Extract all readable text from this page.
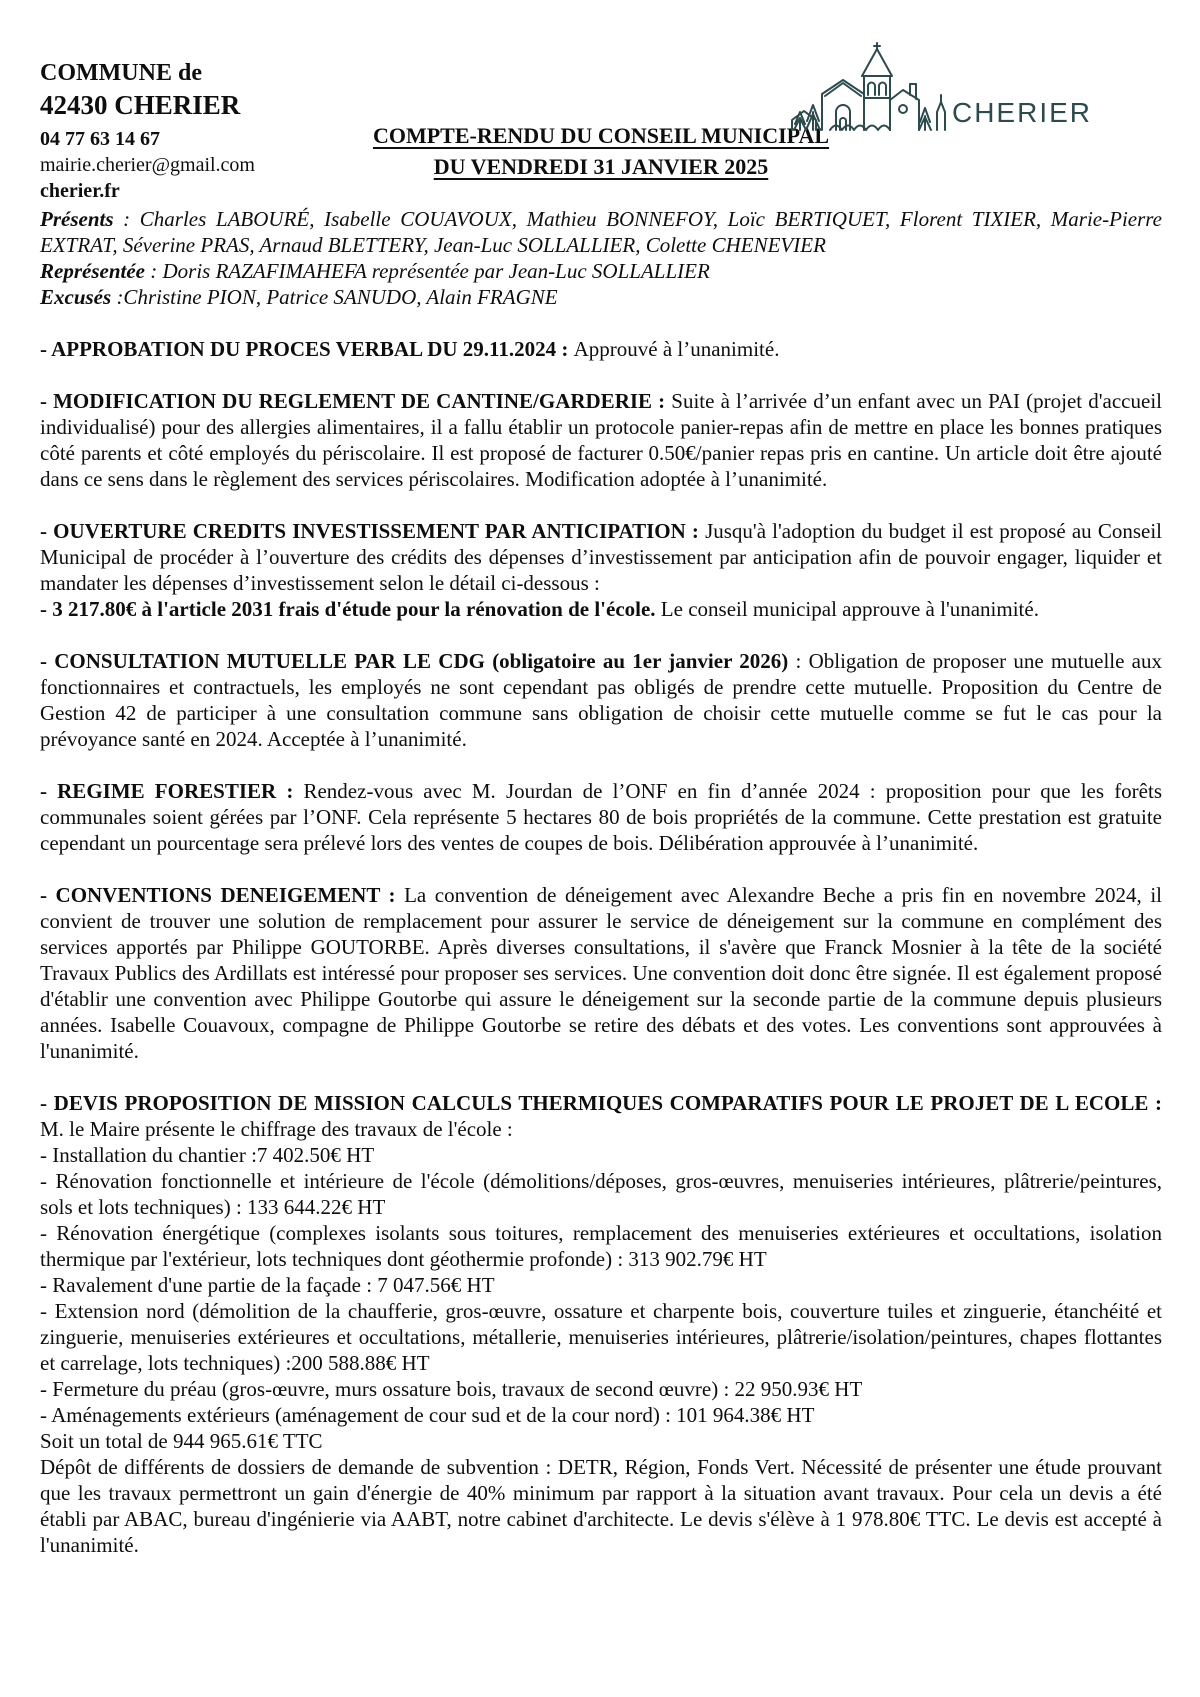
COMMUNE de
42430 CHERIER
04 77 63 14 67
mairie.cherier@gmail.com
cherier.fr
COMPTE-RENDU DU CONSEIL MUNICIPAL
DU VENDREDI 31 JANVIER 2025
CHERIER
Présents : Charles LABOURÉ, Isabelle COUAVOUX, Mathieu BONNEFOY, Loïc BERTIQUET, Florent TIXIER, Marie-Pierre EXTRAT, Séverine PRAS, Arnaud BLETTERY, Jean-Luc SOLLALLIER, Colette CHENEVIER
Représentée : Doris RAZAFIMAHEFA représentée par Jean-Luc SOLLALLIER
Excusés :Christine PION, Patrice SANUDO, Alain FRAGNE

- APPROBATION DU PROCES VERBAL DU 29.11.2024 : Approuvé à l’unanimité.

- MODIFICATION DU REGLEMENT DE CANTINE/GARDERIE : Suite à l’arrivée d’un enfant avec un PAI (projet d'accueil individualisé) pour des allergies alimentaires, il a fallu établir un protocole panier-repas afin de mettre en place les bonnes pratiques côté parents et côté employés du périscolaire. Il est proposé de facturer 0.50€/panier repas pris en cantine. Un article doit être ajouté dans ce sens dans le règlement des services périscolaires. Modification adoptée à l’unanimité.

- OUVERTURE CREDITS INVESTISSEMENT PAR ANTICIPATION : Jusqu'à l'adoption du budget il est proposé au Conseil Municipal de procéder à l’ouverture des crédits des dépenses d’investissement par anticipation afin de pouvoir engager, liquider et mandater les dépenses d’investissement selon le détail ci-dessous :
- 3 217.80€ à l'article 2031 frais d'étude pour la rénovation de l'école. Le conseil municipal approuve à l'unanimité.

- CONSULTATION MUTUELLE PAR LE CDG (obligatoire au 1er janvier 2026) : Obligation de proposer une mutuelle aux fonctionnaires et contractuels, les employés ne sont cependant pas obligés de prendre cette mutuelle. Proposition du Centre de Gestion 42 de participer à une consultation commune sans obligation de choisir cette mutuelle comme se fut le cas pour la prévoyance santé en 2024. Acceptée à l’unanimité.

- REGIME FORESTIER : Rendez-vous avec M. Jourdan de l’ONF en fin d’année 2024 : proposition pour que les forêts communales soient gérées par l’ONF. Cela représente 5 hectares 80 de bois propriétés de la commune. Cette prestation est gratuite cependant un pourcentage sera prélevé lors des ventes de coupes de bois. Délibération approuvée à l’unanimité.

- CONVENTIONS DENEIGEMENT : La convention de déneigement avec Alexandre Beche a pris fin en novembre 2024, il convient de trouver une solution de remplacement pour assurer le service de déneigement sur la commune en complément des services apportés par Philippe GOUTORBE. Après diverses consultations, il s'avère que Franck Mosnier à la tête de la société Travaux Publics des Ardillats est intéressé pour proposer ses services. Une convention doit donc être signée. Il est également proposé d'établir une convention avec Philippe Goutorbe qui assure le déneigement sur la seconde partie de la commune depuis plusieurs années. Isabelle Couavoux, compagne de Philippe Goutorbe se retire des débats et des votes. Les conventions sont approuvées à l'unanimité.

- DEVIS PROPOSITION DE MISSION CALCULS THERMIQUES COMPARATIFS POUR LE PROJET DE L ECOLE : M. le Maire présente le chiffrage des travaux de l'école :

- Installation du chantier :7 402.50€ HT
- Rénovation fonctionnelle et intérieure de l'école (démolitions/déposes, gros-œuvres, menuiseries intérieures, plâtrerie/peintures, sols et lots techniques) : 133 644.22€ HT
- Rénovation énergétique (complexes isolants sous toitures, remplacement des menuiseries extérieures et occultations, isolation thermique par l'extérieur, lots techniques dont géothermie profonde) : 313 902.79€ HT
- Ravalement d'une partie de la façade : 7 047.56€ HT
- Extension nord (démolition de la chaufferie, gros-œuvre, ossature et charpente bois, couverture tuiles et zinguerie, étanchéité et zinguerie, menuiseries extérieures et occultations, métallerie, menuiseries intérieures, plâtrerie/isolation/peintures, chapes flottantes et carrelage, lots techniques) :200 588.88€ HT
- Fermeture du préau (gros-œuvre, murs ossature bois, travaux de second œuvre) : 22 950.93€ HT
- Aménagements extérieurs (aménagement de cour sud et de la cour nord) : 101 964.38€ HT
Soit un total de 944 965.61€ TTC
Dépôt de différents de dossiers de demande de subvention : DETR, Région, Fonds Vert. Nécessité de présenter une étude prouvant que les travaux permettront un gain d'énergie de 40% minimum par rapport à la situation avant travaux. Pour cela un devis a été établi par ABAC, bureau d'ingénierie via AABT, notre cabinet d'architecte. Le devis s'élève à 1 978.80€ TTC. Le devis est accepté à l'unanimité.
